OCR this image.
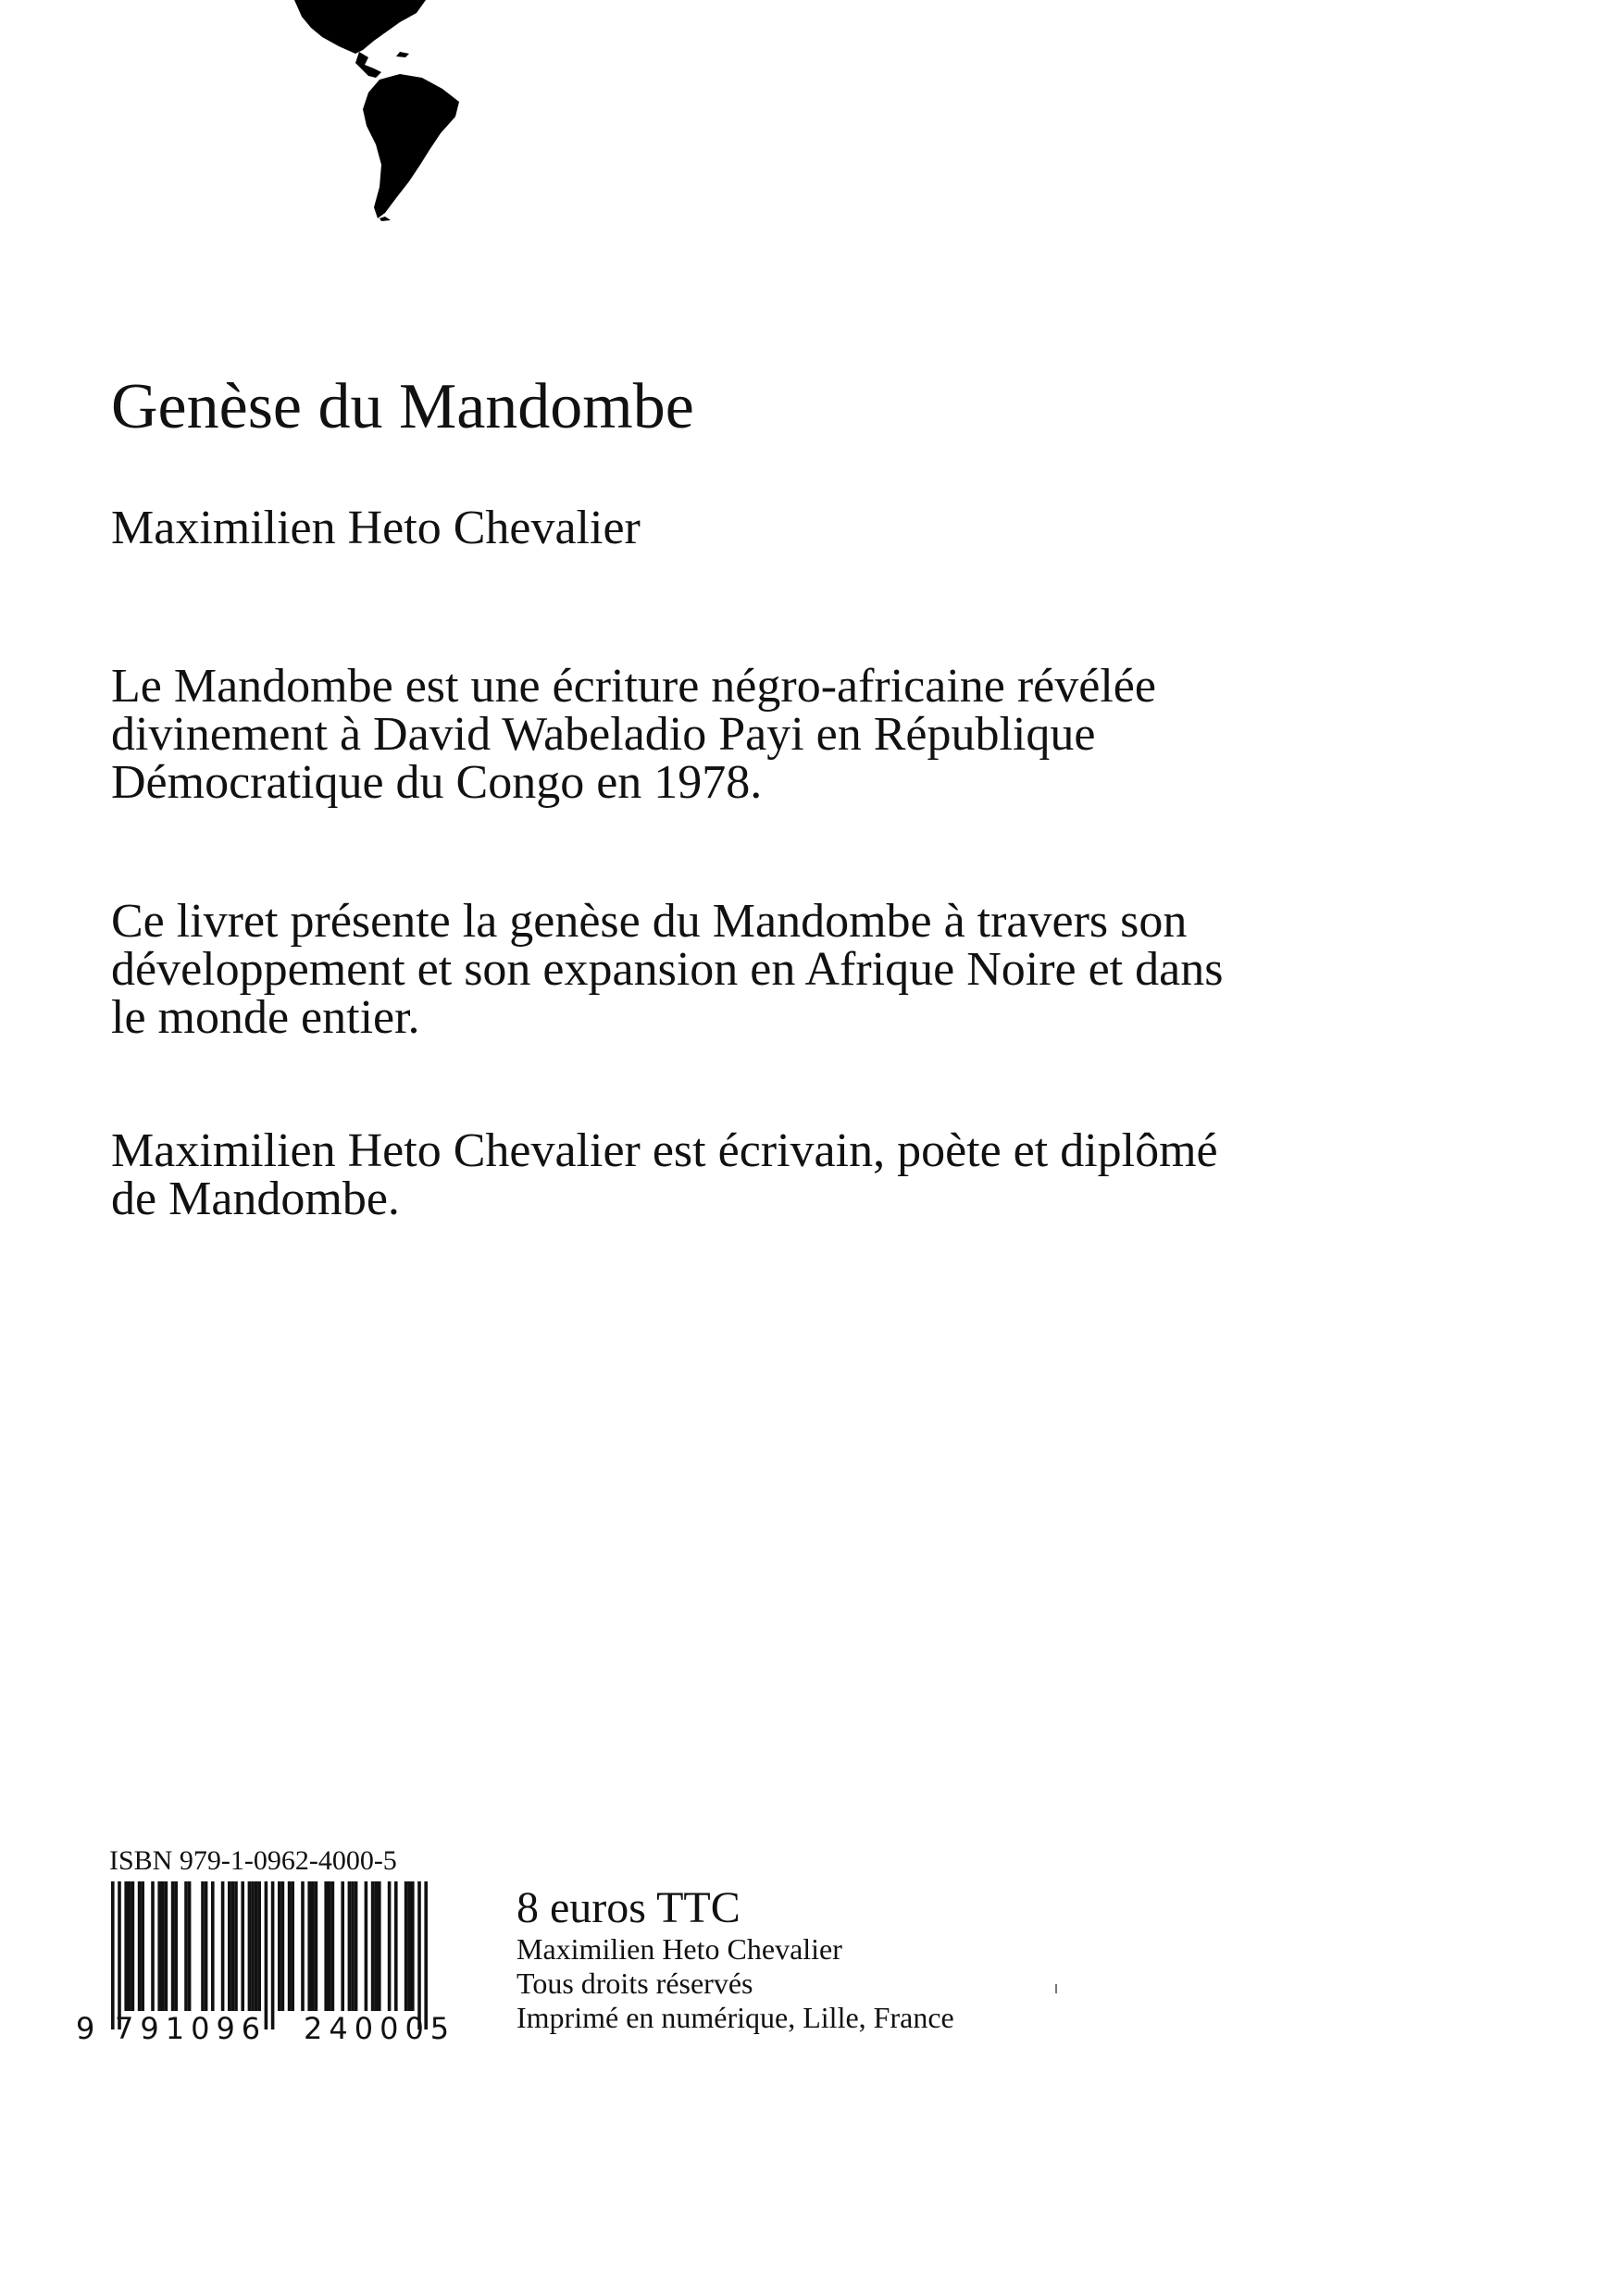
Genèse du Mandombe
Maximilien Heto Chevalier

Le Mandombe est une écriture négro-africaine révélée divinement à David Wabeladio Payi en République Démocratique du Congo en 1978.

Ce livret présente la genèse du Mandombe à travers son développement et son expansion en Afrique Noire et dans le monde entier.

Maximilien Heto Chevalier est écrivain, poète et diplômé de Mandombe.

ISBN 979-1-0962-4000-5
9 791096 240005
8 euros TTC
Maximilien Heto Chevalier
Tous droits réservés
Imprimé en numérique, Lille, France
